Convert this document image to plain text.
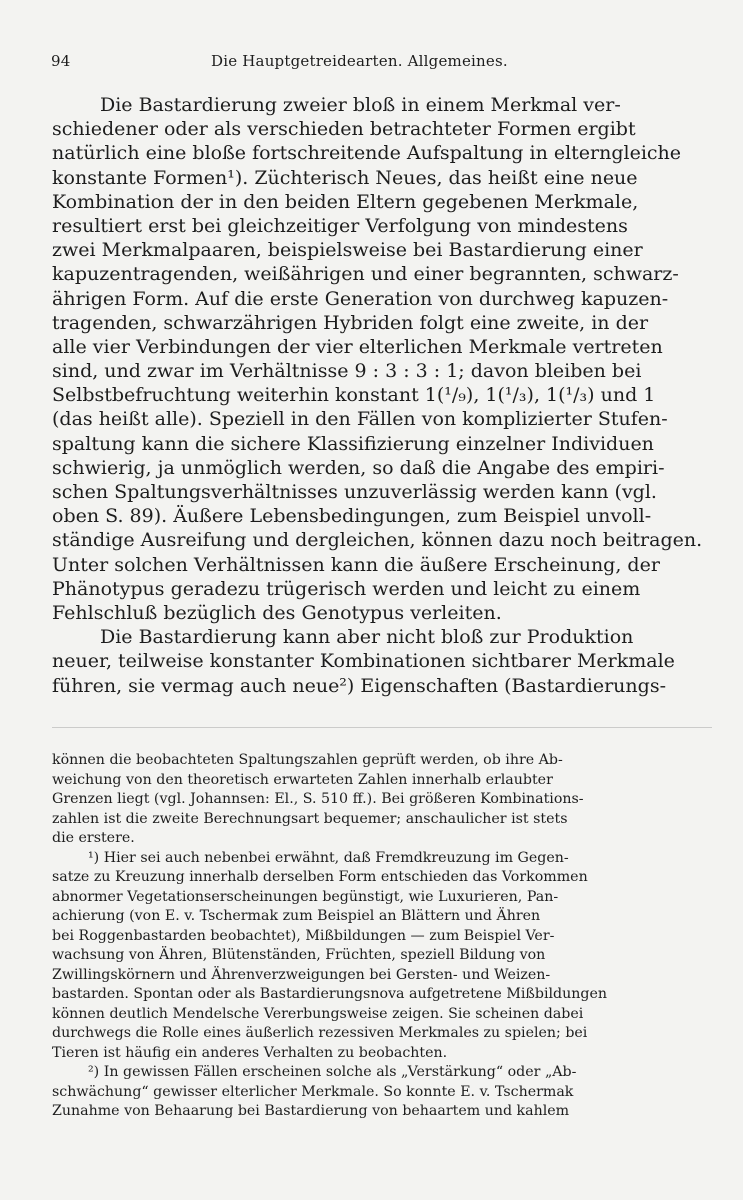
94	Die Hauptgetreidearten. Allgemeines.
Die Bastardierung zweier bloß in einem Merkmal ver-
schiedener oder als verschieden betrachteter Formen ergibt
natürlich eine bloße fortschreitende Aufspaltung in elterngleiche
konstante Formen¹). Züchterisch Neues, das heißt eine neue
Kombination der in den beiden Eltern gegebenen Merkmale,
resultiert erst bei gleichzeitiger Verfolgung von mindestens
zwei Merkmalpaaren, beispielsweise bei Bastardierung einer
kapuzentragenden, weißährigen und einer begrannten, schwarz-
ährigen Form. Auf die erste Generation von durchweg kapuzen-
tragenden, schwarzährigen Hybriden folgt eine zweite, in der
alle vier Verbindungen der vier elterlichen Merkmale vertreten
sind, und zwar im Verhältnisse 9 : 3 : 3 : 1; davon bleiben bei
Selbstbefruchtung weiterhin konstant 1(¹/₉), 1(¹/₃), 1(¹/₃) und 1
(das heißt alle). Speziell in den Fällen von komplizierter Stufen-
spaltung kann die sichere Klassifizierung einzelner Individuen
schwierig, ja unmöglich werden, so daß die Angabe des empiri-
schen Spaltungsverhältnisses unzuverlässig werden kann (vgl.
oben S. 89). Äußere Lebensbedingungen, zum Beispiel unvoll-
ständige Ausreifung und dergleichen, können dazu noch beitragen.
Unter solchen Verhältnissen kann die äußere Erscheinung, der
Phänotypus geradezu trügerisch werden und leicht zu einem
Fehlschluß bezüglich des Genotypus verleiten.
Die Bastardierung kann aber nicht bloß zur Produktion
neuer, teilweise konstanter Kombinationen sichtbarer Merkmale
führen, sie vermag auch neue²) Eigenschaften (Bastardierungs-
können die beobachteten Spaltungszahlen geprüft werden, ob ihre Ab-
weichung von den theoretisch erwarteten Zahlen innerhalb erlaubter
Grenzen liegt (vgl. Johannsen: El., S. 510 ff.). Bei größeren Kombinations-
zahlen ist die zweite Berechnungsart bequemer; anschaulicher ist stets
die erstere.
¹) Hier sei auch nebenbei erwähnt, daß Fremdkreuzung im Gegen-
satze zu Kreuzung innerhalb derselben Form entschieden das Vorkommen
abnormer Vegetationserscheinungen begünstigt, wie Luxurieren, Pan-
achierung (von E. v. Tschermak zum Beispiel an Blättern und Ähren
bei Roggenbastarden beobachtet), Mißbildungen — zum Beispiel Ver-
wachsung von Ähren, Blütenständen, Früchten, speziell Bildung von
Zwillingskörnern und Ährenverzweigungen bei Gersten- und Weizen-
bastarden. Spontan oder als Bastardierungsnova aufgetretene Mißbildungen
können deutlich Mendelsche Vererbungsweise zeigen. Sie scheinen dabei
durchwegs die Rolle eines äußerlich rezessiven Merkmales zu spielen; bei
Tieren ist häufig ein anderes Verhalten zu beobachten.
²) In gewissen Fällen erscheinen solche als „Verstärkung“ oder „Ab-
schwächung“ gewisser elterlicher Merkmale. So konnte E. v. Tschermak
Zunahme von Behaarung bei Bastardierung von behaartem und kahlem
